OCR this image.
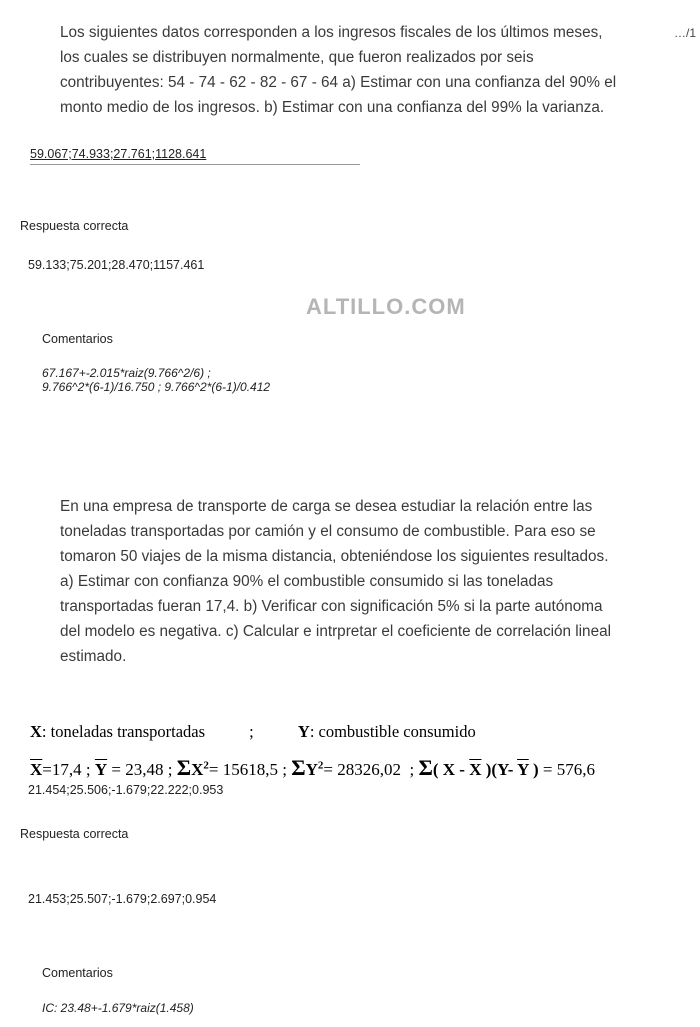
…/1
Los siguientes datos corresponden a los ingresos fiscales de los últimos meses, los cuales se distribuyen normalmente, que fueron realizados por seis contribuyentes: 54 - 74 - 62 - 82 - 67 - 64 a) Estimar con una confianza del 90% el monto medio de los ingresos. b) Estimar con una confianza del 99% la varianza.
59.067;74.933;27.761;1128.641
Respuesta correcta
59.133;75.201;28.470;1157.461
ALTILLO.COM
Comentarios
67.167+-2.015*raiz(9.766^2/6) ;
9.766^2*(6-1)/16.750 ; 9.766^2*(6-1)/0.412
En una empresa de transporte de carga se desea estudiar la relación entre las toneladas transportadas por camión y el consumo de combustible. Para eso se tomaron 50 viajes de la misma distancia, obteniéndose los siguientes resultados. a) Estimar con confianza 90% el combustible consumido si las toneladas transportadas fueran 17,4. b) Verificar con significación 5% si la parte autónoma del modelo es negativa. c) Calcular e intrpretar el coeficiente de correlación lineal estimado.
X: toneladas transportadas	;	Y: combustible consumido
$\overline{X}=17,4$ ; $\overline{Y} = 23,48$ ; $\Sigma X^2= 15618,5$ ; $\Sigma Y^2= 28326,02$  ; Σ( X - $\overline{X}$ )(Y- $\overline{Y}$ ) = 576,6
21.454;25.506;-1.679;22.222;0.953
Respuesta correcta
21.453;25.507;-1.679;2.697;0.954
Comentarios
IC: 23.48+-1.679*raiz(1.458)
